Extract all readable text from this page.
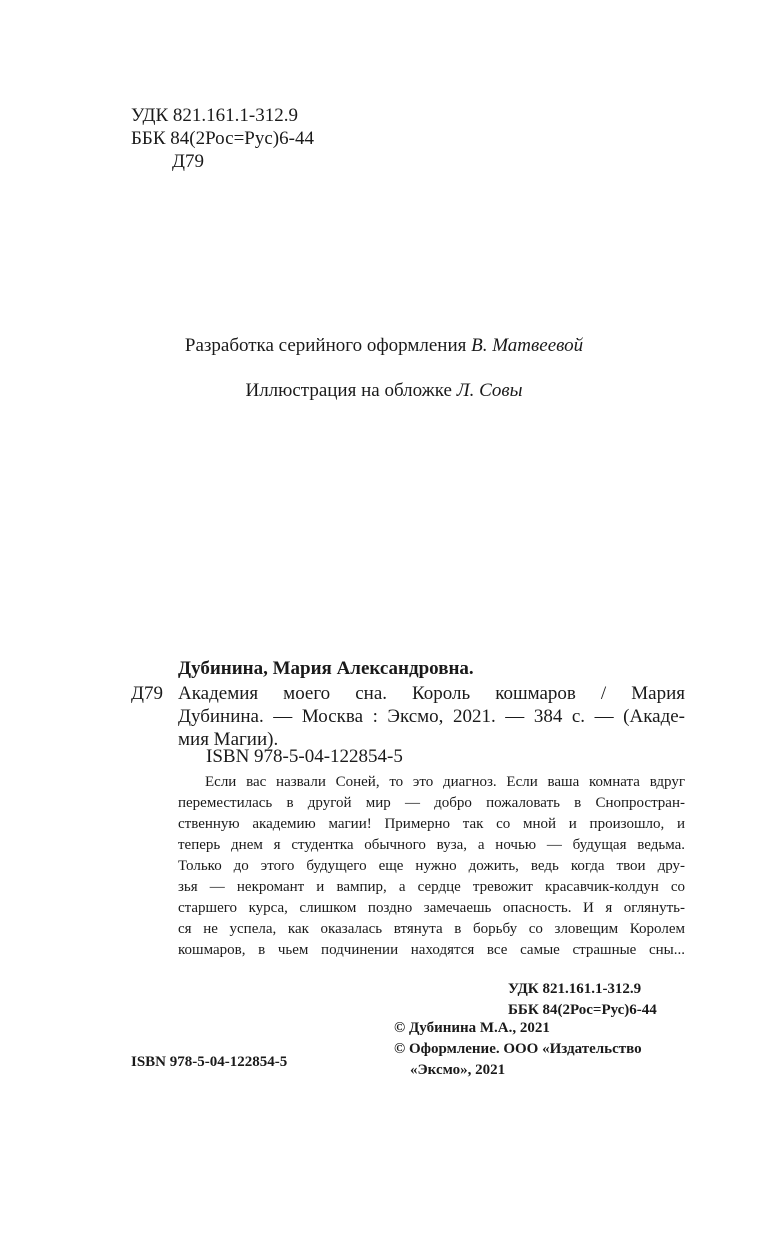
УДК 821.161.1-312.9
ББК 84(2Рос=Рус)6-44
Д79
Разработка серийного оформления В. Матвеевой
Иллюстрация на обложке Л. Совы
Дубинина, Мария Александровна.
Д79 Академия моего сна. Король кошмаров / Мария
Дубинина. — Москва : Эксмо, 2021. — 384 с. — (Акаде-
мия Магии).
ISBN 978-5-04-122854-5
Если вас назвали Соней, то это диагноз. Если ваша комната вдруг
переместилась в другой мир — добро пожаловать в Снопростран-
ственную академию магии! Примерно так со мной и произошло, и
теперь днем я студентка обычного вуза, а ночью — будущая ведьма.
Только до этого будущего еще нужно дожить, ведь когда твои дру-
зья — некромант и вампир, а сердце тревожит красавчик-колдун со
старшего курса, слишком поздно замечаешь опасность. И я оглянуть-
ся не успела, как оказалась втянута в борьбу со зловещим Королем
кошмаров, в чьем подчинении находятся все самые страшные сны...
УДК 821.161.1-312.9
ББК 84(2Рос=Рус)6-44
© Дубинина М.А., 2021
© Оформление. ООО «Издательство
«Эксмо», 2021
ISBN 978-5-04-122854-5
